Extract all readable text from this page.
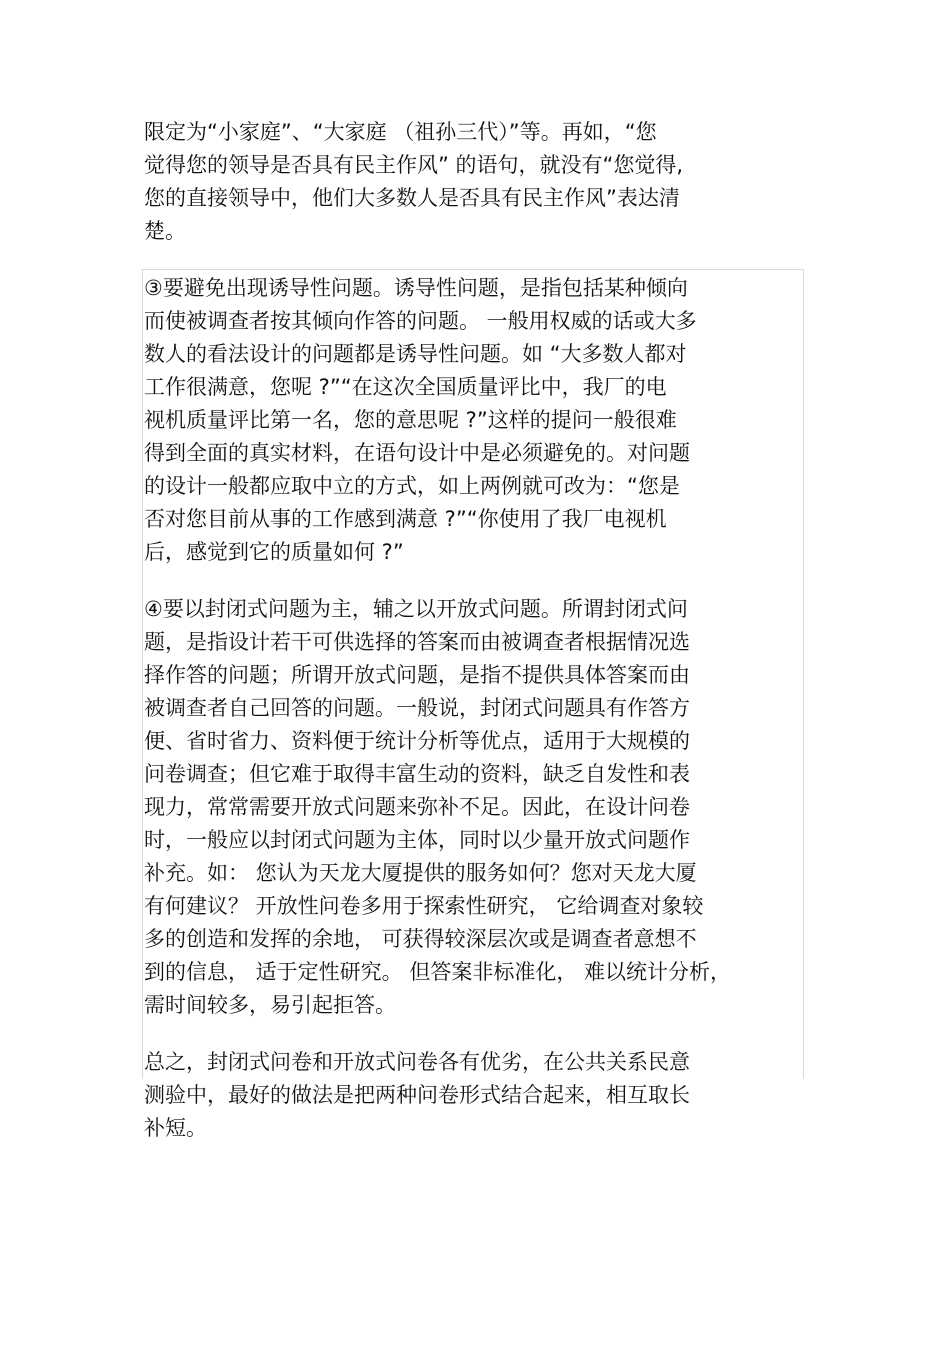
限定为“小家庭”、“大家庭 （祖孙三代）”等。再如，“您
觉得您的领导是否具有民主作风” 的语句，就没有“您觉得,
您的直接领导中，他们大多数人是否具有民主作风”表达清
楚。
③要避免出现诱导性问题。诱导性问题，是指包括某种倾向
而使被调查者按其倾向作答的问题。 一般用权威的话或大多
数人的看法设计的问题都是诱导性问题。如 “大多数人都对
工作很满意，您呢 ?”“在这次全国质量评比中，我厂的电
视机质量评比第一名，您的意思呢 ?”这样的提问一般很难
得到全面的真实材料，在语句设计中是必须避免的。对问题
的设计一般都应取中立的方式，如上两例就可改为：“您是
否对您目前从事的工作感到满意 ?”“你使用了我厂电视机
后，感觉到它的质量如何 ?”
④要以封闭式问题为主，辅之以开放式问题。所谓封闭式问
题，是指设计若干可供选择的答案而由被调查者根据情况选
择作答的问题；所谓开放式问题，是指不提供具体答案而由
被调查者自己回答的问题。一般说，封闭式问题具有作答方
便、省时省力、资料便于统计分析等优点，适用于大规模的
问卷调查；但它难于取得丰富生动的资料，缺乏自发性和表
现力，常常需要开放式问题来弥补不足。因此，在设计问卷
时，一般应以封闭式问题为主体，同时以少量开放式问题作
补充。如： 您认为天龙大厦提供的服务如何？您对天龙大厦
有何建议？ 开放性问卷多用于探索性研究， 它给调查对象较
多的创造和发挥的余地， 可获得较深层次或是调查者意想不
到的信息， 适于定性研究。 但答案非标准化， 难以统计分析，
需时间较多，易引起拒答。
总之，封闭式问卷和开放式问卷各有优劣，在公共关系民意
测验中，最好的做法是把两种问卷形式结合起来，相互取长
补短。
